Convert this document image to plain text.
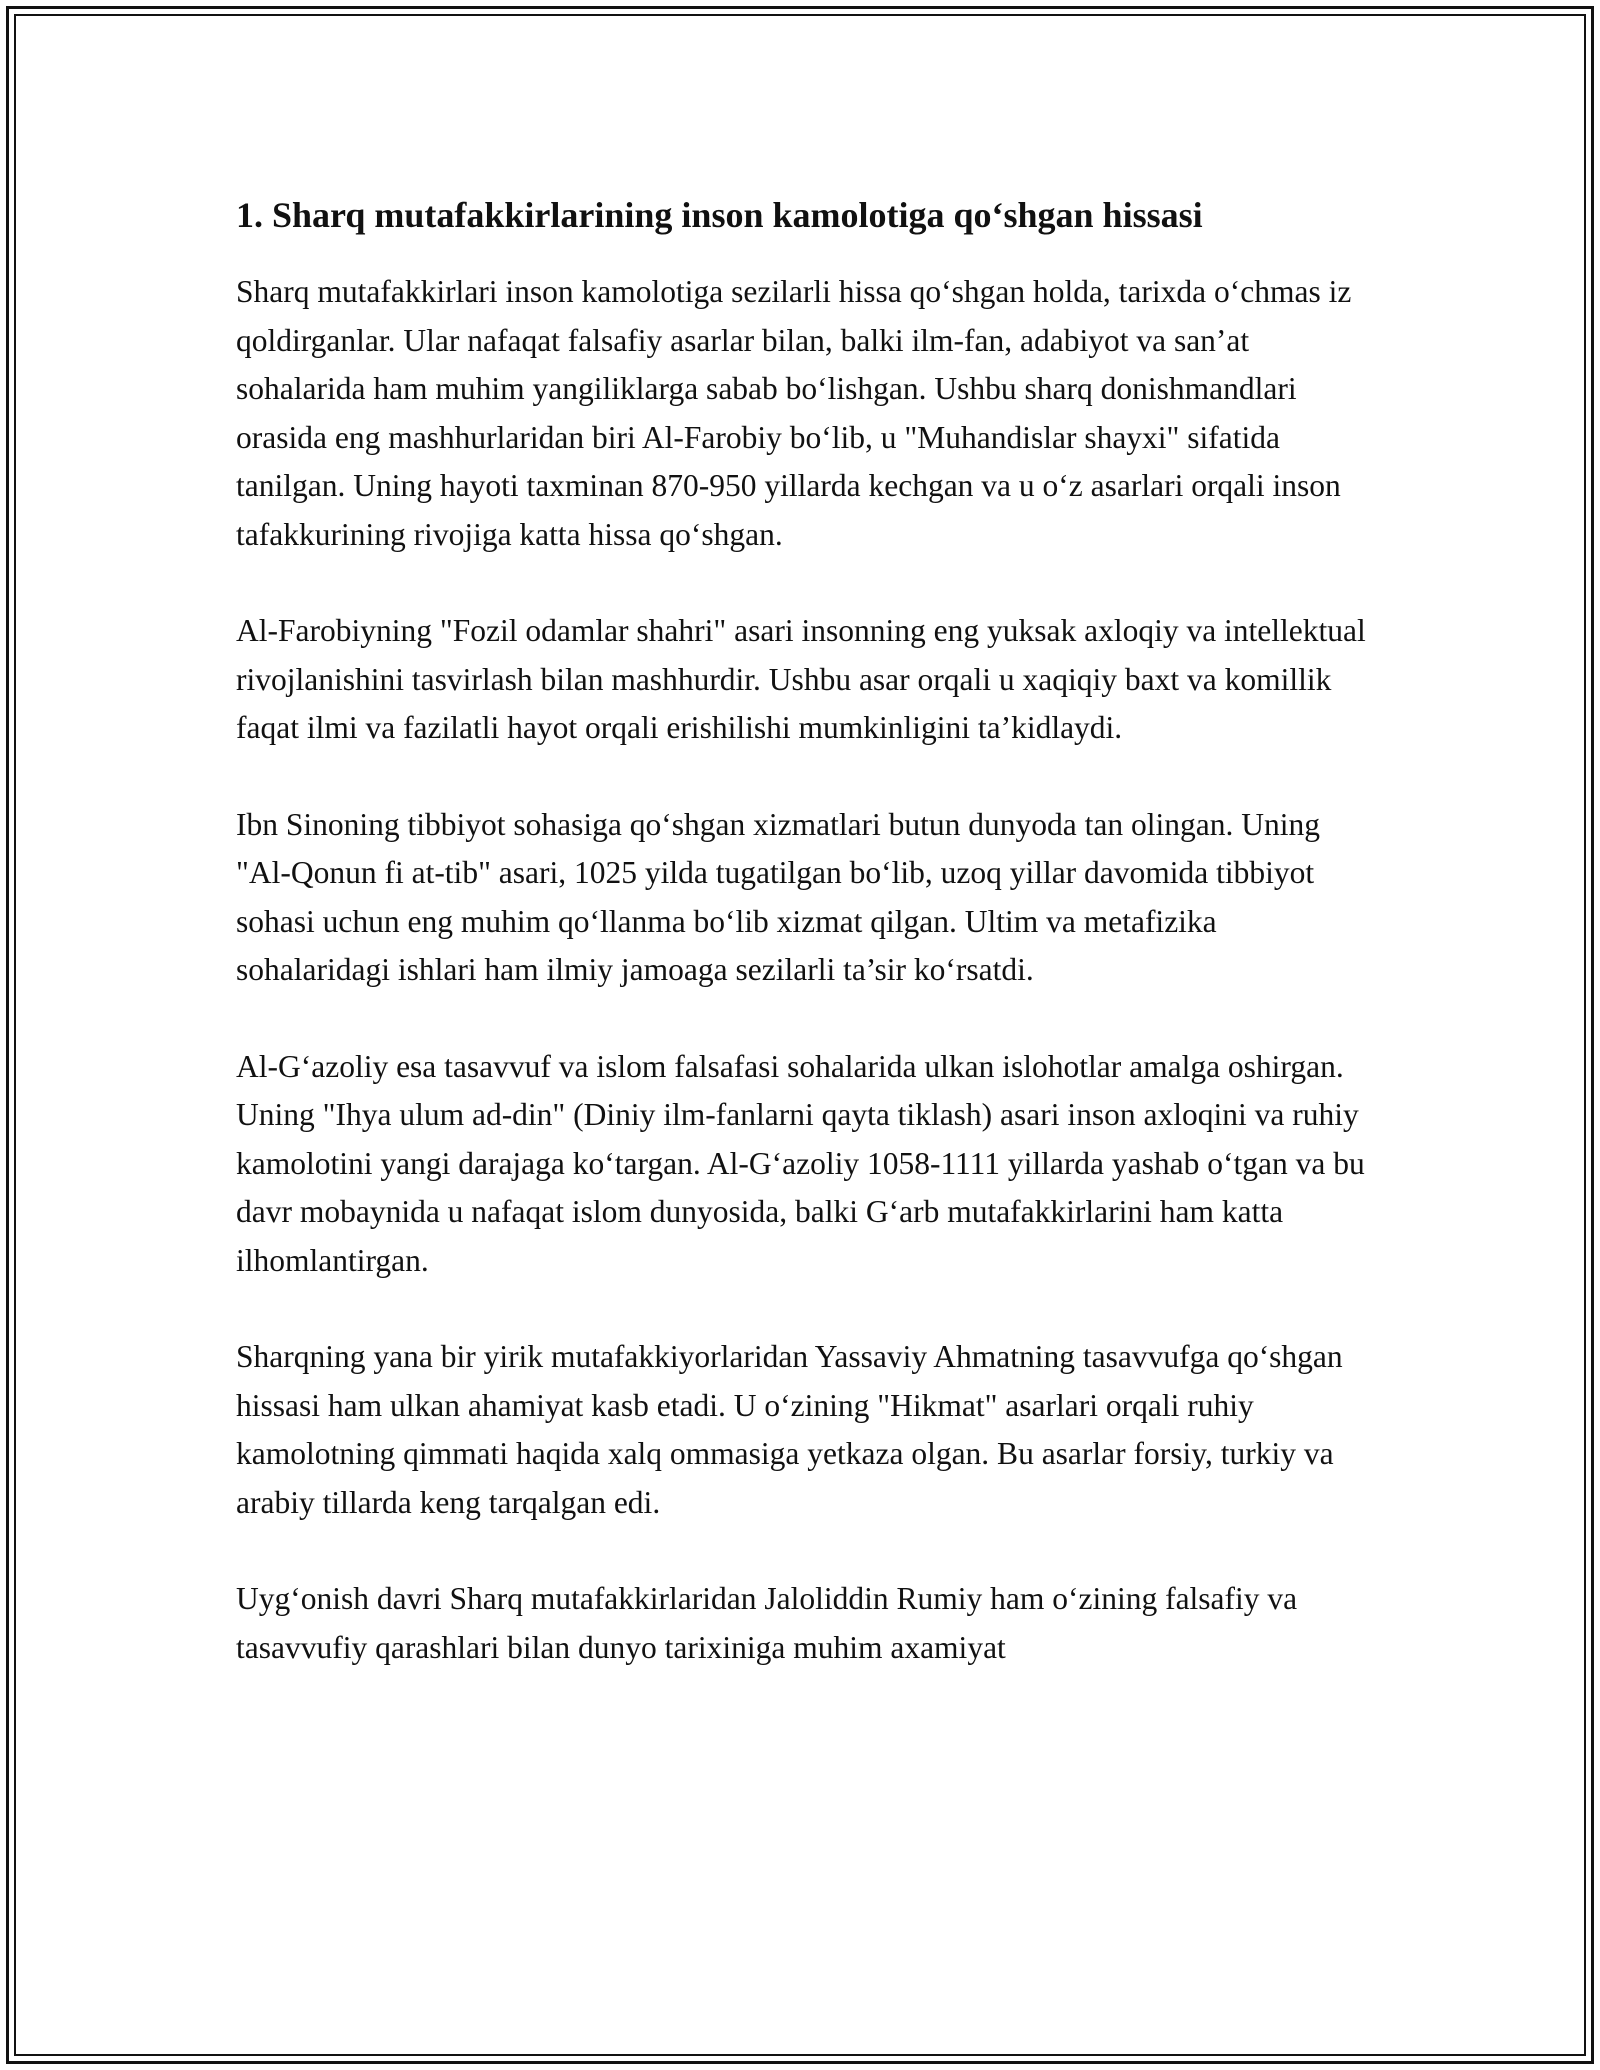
1. Sharq mutafakkirlarining inson kamolotiga qoʻshgan hissasi

Sharq mutafakkirlari inson kamolotiga sezilarli hissa qoʻshgan holda, tarixda oʻchmas iz qoldirganlar. Ular nafaqat falsafiy asarlar bilan, balki ilm-fan, adabiyot va san’at sohalarida ham muhim yangiliklarga sabab boʻlishgan. Ushbu sharq donishmandlari orasida eng mashhurlaridan biri Al-Farobiy boʻlib, u "Muhandislar shayxi" sifatida tanilgan. Uning hayoti taxminan 870-950 yillarda kechgan va u oʻz asarlari orqali inson tafakkurining rivojiga katta hissa qoʻshgan.

Al-Farobiyning "Fozil odamlar shahri" asari insonning eng yuksak axloqiy va intellektual rivojlanishini tasvirlash bilan mashhurdir. Ushbu asar orqali u xaqiqiy baxt va komillik faqat ilmi va fazilatli hayot orqali erishilishi mumkinligini ta’kidlaydi.

Ibn Sinoning tibbiyot sohasiga qoʻshgan xizmatlari butun dunyoda tan olingan. Uning "Al-Qonun fi at-tib" asari, 1025 yilda tugatilgan boʻlib, uzoq yillar davomida tibbiyot sohasi uchun eng muhim qoʻllanma boʻlib xizmat qilgan. Ultim va metafizika sohalaridagi ishlari ham ilmiy jamoaga sezilarli ta’sir koʻrsatdi.

Al-Gʻazoliy esa tasavvuf va islom falsafasi sohalarida ulkan islohotlar amalga oshirgan. Uning "Ihya ulum ad-din" (Diniy ilm-fanlarni qayta tiklash) asari inson axloqini va ruhiy kamolotini yangi darajaga koʻtargan. Al-Gʻazoliy 1058-1111 yillarda yashab oʻtgan va bu davr mobaynida u nafaqat islom dunyosida, balki Gʻarb mutafakkirlarini ham katta ilhomlantirgan.

Sharqning yana bir yirik mutafakkiyorlaridan Yassaviy Ahmatning tasavvufga qoʻshgan hissasi ham ulkan ahamiyat kasb etadi. U oʻzining "Hikmat" asarlari orqali ruhiy kamolotning qimmati haqida xalq ommasiga yetkaza olgan. Bu asarlar forsiy, turkiy va arabiy tillarda keng tarqalgan edi.

Uygʻonish davri Sharq mutafakkirlaridan Jaloliddin Rumiy ham oʻzining falsafiy va tasavvufiy qarashlari bilan dunyo tarixiniga muhim axamiyat
